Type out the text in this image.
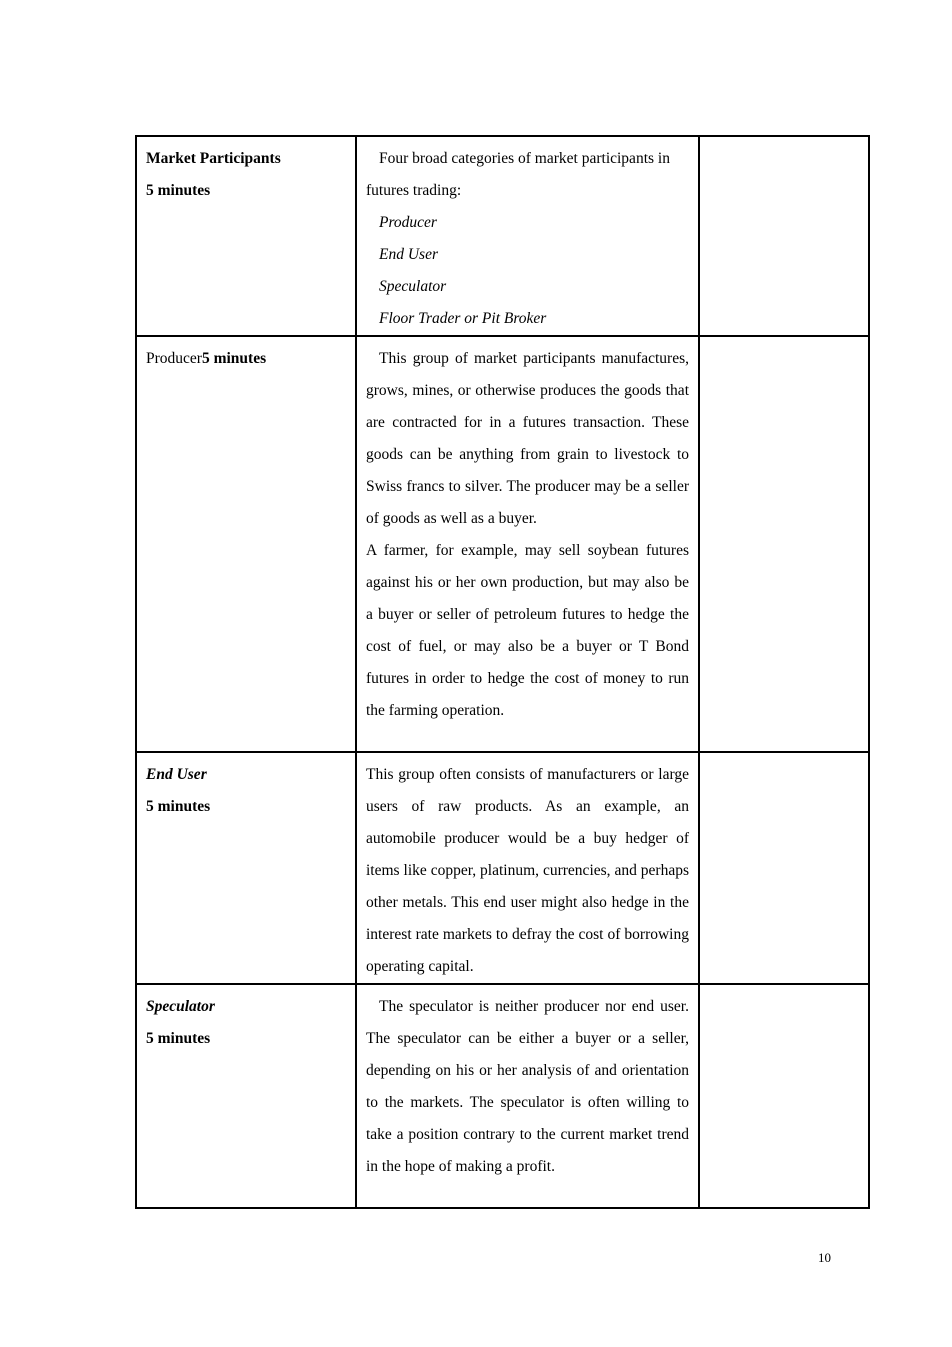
Market Participants
5 minutes	Four broad categories of market participants in futures trading:
Producer
End User
Speculator
Floor Trader or Pit Broker	

Producer5 minutes	This group of market participants manufactures, grows, mines, or otherwise produces the goods that are contracted for in a futures transaction. These goods can be anything from grain to livestock to Swiss francs to silver. The producer may be a seller of goods as well as a buyer.
A farmer, for example, may sell soybean futures against his or her own production, but may also be a buyer or seller of petroleum futures to hedge the cost of fuel, or may also be a buyer or T Bond futures in order to hedge the cost of money to run the farming operation.	

End User
5 minutes	This group often consists of manufacturers or large users of raw products. As an example, an automobile producer would be a buy hedger of items like copper, platinum, currencies, and perhaps other metals. This end user might also hedge in the interest rate markets to defray the cost of borrowing operating capital.	

Speculator
5 minutes	The speculator is neither producer nor end user. The speculator can be either a buyer or a seller, depending on his or her analysis of and orientation to the markets. The speculator is often willing to take a position contrary to the current market trend in the hope of making a profit.	

10
